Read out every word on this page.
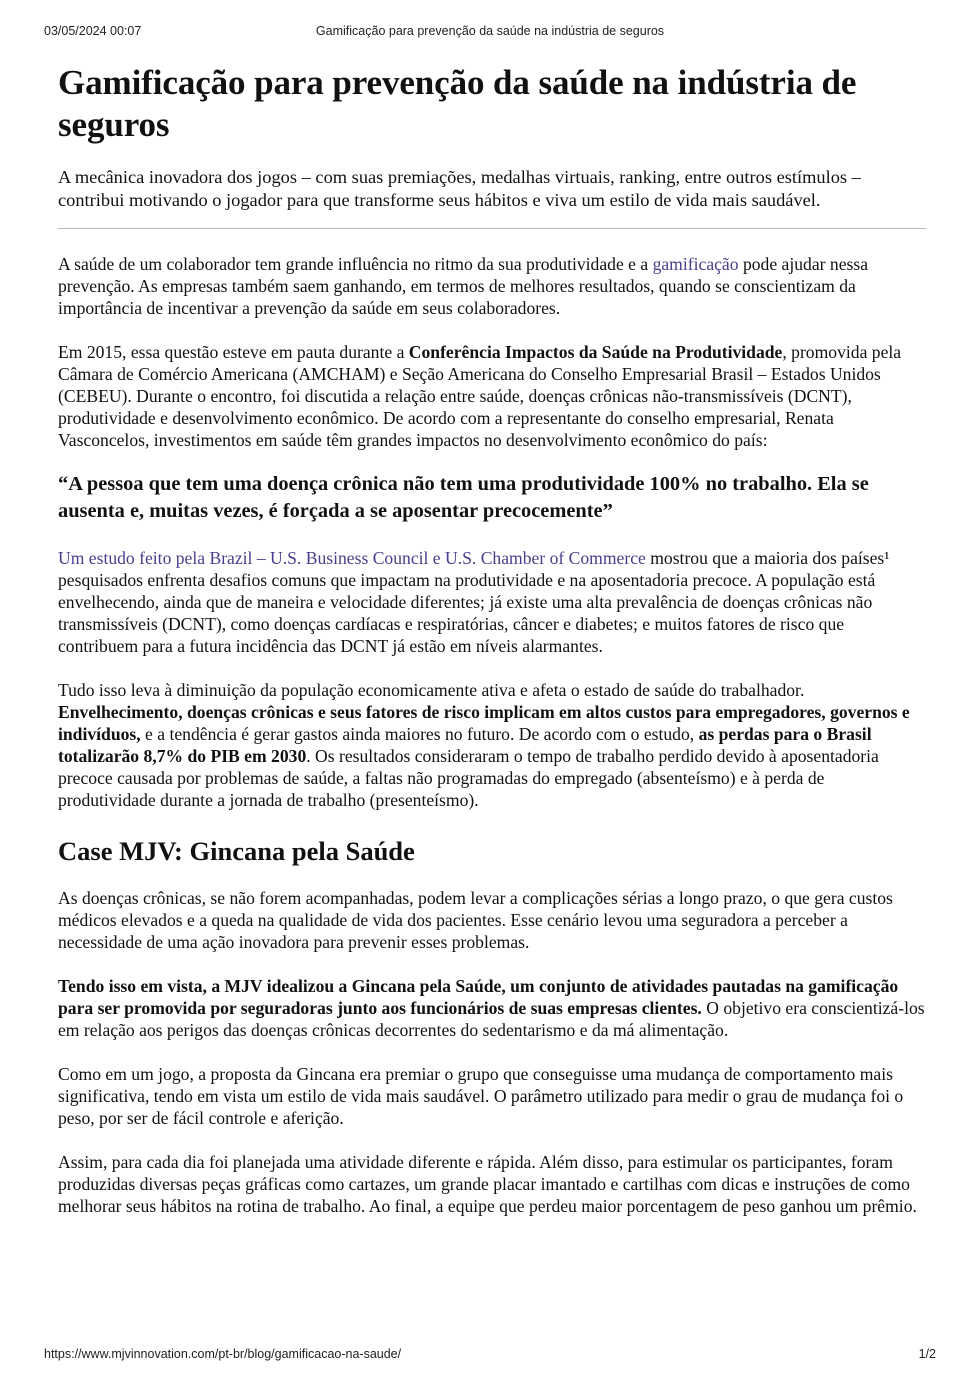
03/05/2024 00:07	Gamificação para prevenção da saúde na indústria de seguros
Gamificação para prevenção da saúde na indústria de seguros

A mecânica inovadora dos jogos – com suas premiações, medalhas virtuais, ranking, entre outros estímulos – contribui motivando o jogador para que transforme seus hábitos e viva um estilo de vida mais saudável.

A saúde de um colaborador tem grande influência no ritmo da sua produtividade e a gamificação pode ajudar nessa prevenção. As empresas também saem ganhando, em termos de melhores resultados, quando se conscientizam da importância de incentivar a prevenção da saúde em seus colaboradores.

Em 2015, essa questão esteve em pauta durante a Conferência Impactos da Saúde na Produtividade, promovida pela Câmara de Comércio Americana (AMCHAM) e Seção Americana do Conselho Empresarial Brasil – Estados Unidos (CEBEU). Durante o encontro, foi discutida a relação entre saúde, doenças crônicas não-transmissíveis (DCNT), produtividade e desenvolvimento econômico. De acordo com a representante do conselho empresarial, Renata Vasconcelos, investimentos em saúde têm grandes impactos no desenvolvimento econômico do país:

“A pessoa que tem uma doença crônica não tem uma produtividade 100% no trabalho. Ela se ausenta e, muitas vezes, é forçada a se aposentar precocemente”

Um estudo feito pela Brazil – U.S. Business Council e U.S. Chamber of Commerce mostrou que a maioria dos países¹ pesquisados enfrenta desafios comuns que impactam na produtividade e na aposentadoria precoce. A população está envelhecendo, ainda que de maneira e velocidade diferentes; já existe uma alta prevalência de doenças crônicas não transmissíveis (DCNT), como doenças cardíacas e respiratórias, câncer e diabetes; e muitos fatores de risco que contribuem para a futura incidência das DCNT já estão em níveis alarmantes.

Tudo isso leva à diminuição da população economicamente ativa e afeta o estado de saúde do trabalhador. Envelhecimento, doenças crônicas e seus fatores de risco implicam em altos custos para empregadores, governos e indivíduos, e a tendência é gerar gastos ainda maiores no futuro. De acordo com o estudo, as perdas para o Brasil totalizarão 8,7% do PIB em 2030. Os resultados consideraram o tempo de trabalho perdido devido à aposentadoria precoce causada por problemas de saúde, a faltas não programadas do empregado (absenteísmo) e à perda de produtividade durante a jornada de trabalho (presenteísmo).

Case MJV: Gincana pela Saúde

As doenças crônicas, se não forem acompanhadas, podem levar a complicações sérias a longo prazo, o que gera custos médicos elevados e a queda na qualidade de vida dos pacientes. Esse cenário levou uma seguradora a perceber a necessidade de uma ação inovadora para prevenir esses problemas.

Tendo isso em vista, a MJV idealizou a Gincana pela Saúde, um conjunto de atividades pautadas na gamificação para ser promovida por seguradoras junto aos funcionários de suas empresas clientes. O objetivo era conscientizá-los em relação aos perigos das doenças crônicas decorrentes do sedentarismo e da má alimentação.

Como em um jogo, a proposta da Gincana era premiar o grupo que conseguisse uma mudança de comportamento mais significativa, tendo em vista um estilo de vida mais saudável. O parâmetro utilizado para medir o grau de mudança foi o peso, por ser de fácil controle e aferição.

Assim, para cada dia foi planejada uma atividade diferente e rápida. Além disso, para estimular os participantes, foram produzidas diversas peças gráficas como cartazes, um grande placar imantado e cartilhas com dicas e instruções de como melhorar seus hábitos na rotina de trabalho. Ao final, a equipe que perdeu maior porcentagem de peso ganhou um prêmio.

https://www.mjvinnovation.com/pt-br/blog/gamificacao-na-saude/	1/2
